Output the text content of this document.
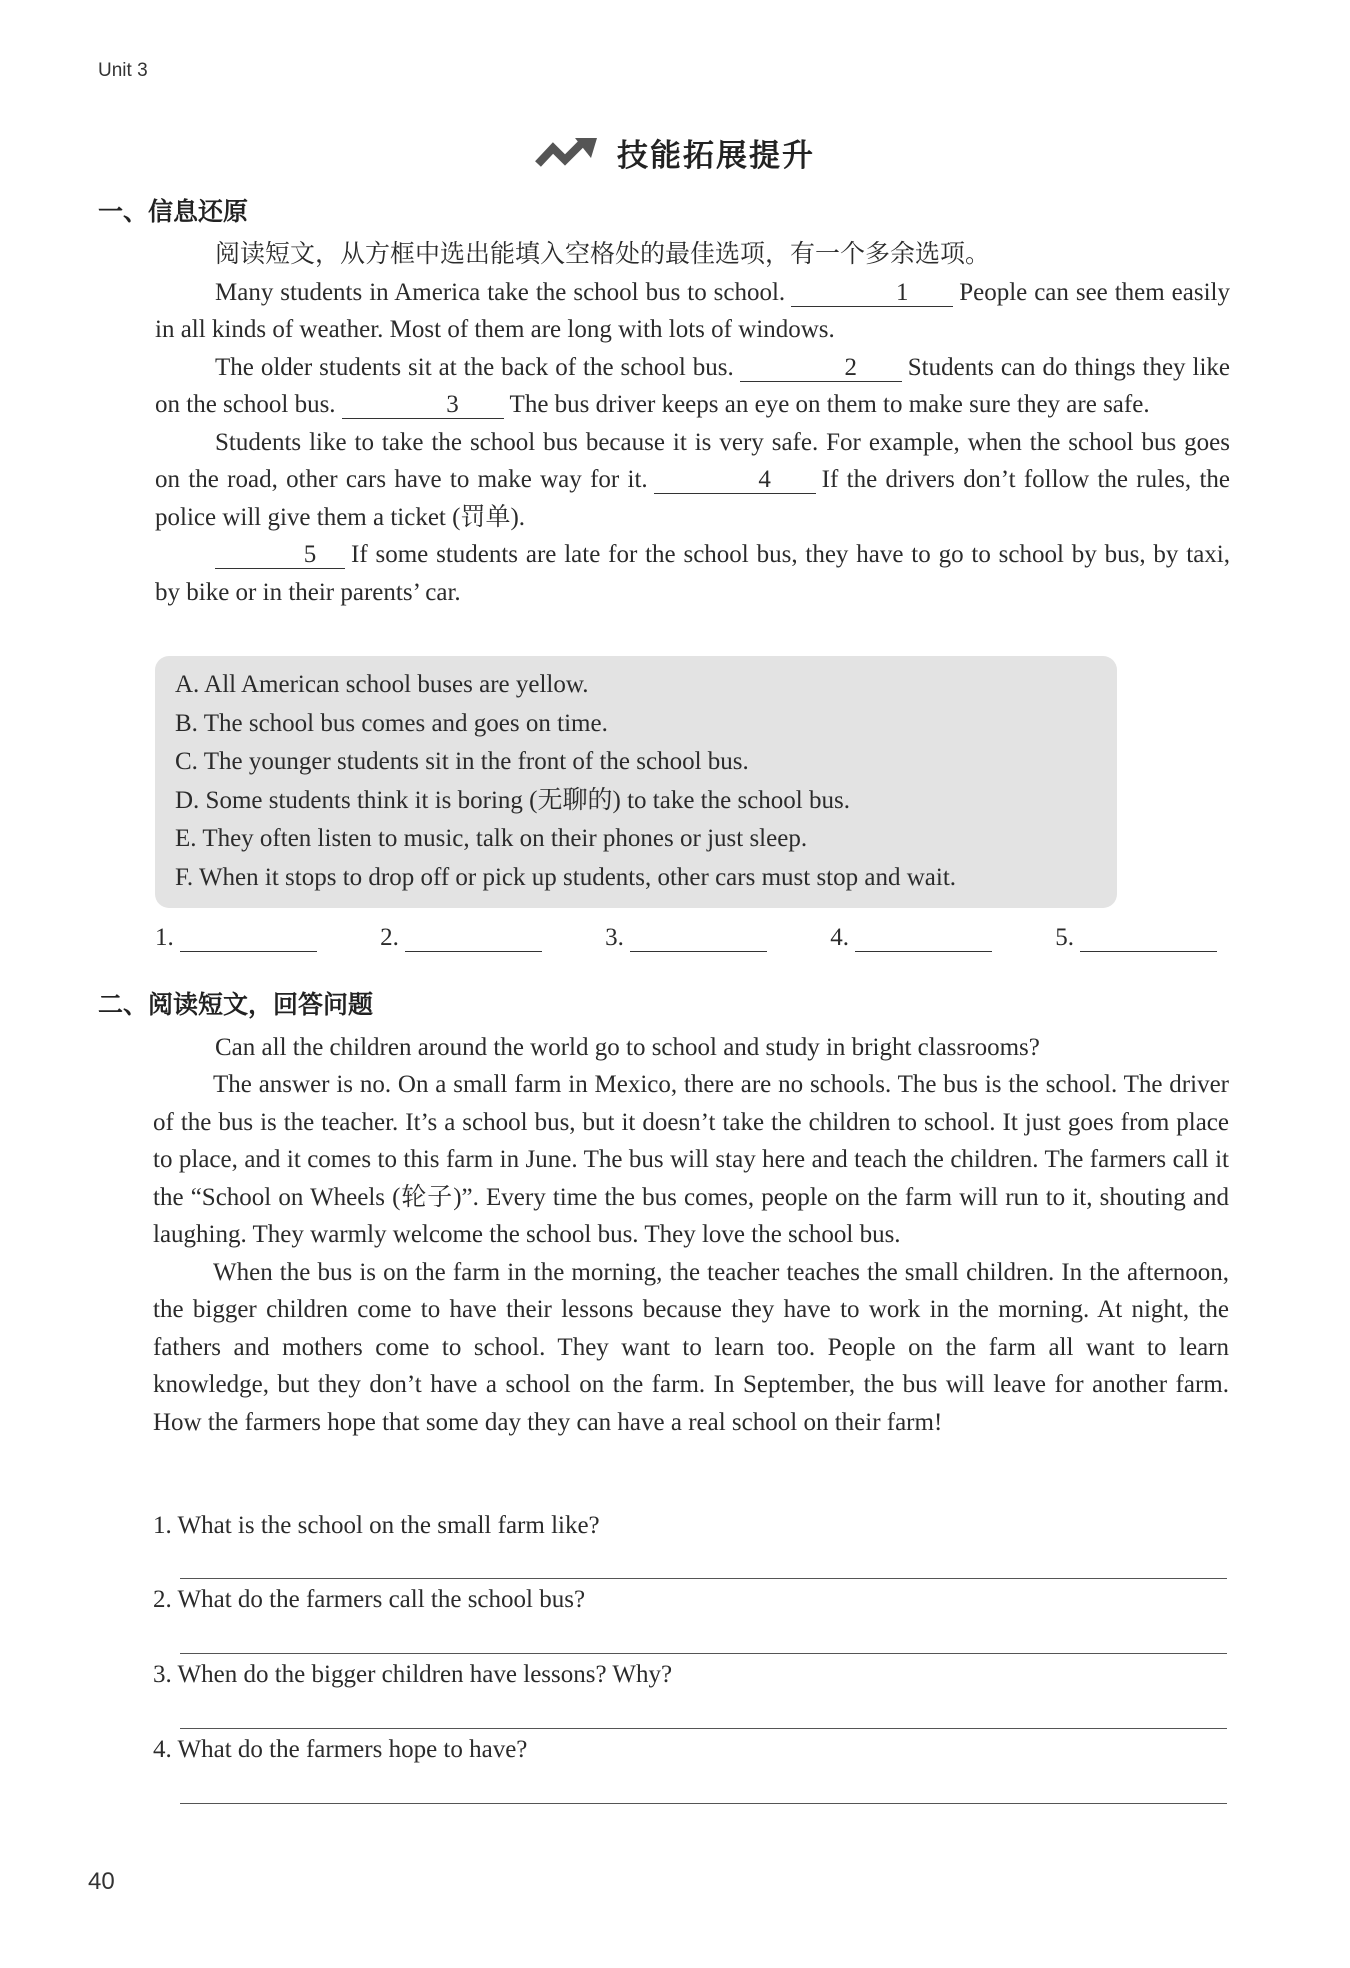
Unit 3
技能拓展提升
一、信息还原

阅读短文，从方框中选出能填入空格处的最佳选项，有一个多余选项。

Many students in America take the school bus to school.	1 People can see them easily in all kinds of weather. Most of them are long with lots of windows.

The older students sit at the back of the school bus.	2 Students can do things they like on the school bus.	3 The bus driver keeps an eye on them to make sure they are safe.

Students like to take the school bus because it is very safe. For example, when the school bus goes on the road, other cars have to make way for it.	4 If the drivers don’t follow the rules, the police will give them a ticket (罚单).

5 If some students are late for the school bus, they have to go to school by bus, by taxi, by bike or in their parents’ car.

A. All American school buses are yellow.

B. The school bus comes and goes on time.

C. The younger students sit in the front of the school bus.

D. Some students think it is boring (无聊的) to take the school bus.

E. They often listen to music, talk on their phones or just sleep.

F. When it stops to drop off or pick up students, other cars must stop and wait.

1.	2.	3.	4.	5.
二、阅读短文，回答问题

Can all the children around the world go to school and study in bright classrooms?

The answer is no. On a small farm in Mexico, there are no schools. The bus is the school. The driver of the bus is the teacher. It’s a school bus, but it doesn’t take the children to school. It just goes from place to place, and it comes to this farm in June. The bus will stay here and teach the children. The farmers call it the “School on Wheels (轮子)”. Every time the bus comes, people on the farm will run to it, shouting and laughing. They warmly welcome the school bus. They love the school bus.

When the bus is on the farm in the morning, the teacher teaches the small children. In the afternoon, the bigger children come to have their lessons because they have to work in the morning. At night, the fathers and mothers come to school. They want to learn too. People on the farm all want to learn knowledge, but they don’t have a school on the farm. In September, the bus will leave for another farm. How the farmers hope that some day they can have a real school on their farm!

1. What is the school on the small farm like?

2. What do the farmers call the school bus?

3. When do the bigger children have lessons? Why?

4. What do the farmers hope to have?

40
